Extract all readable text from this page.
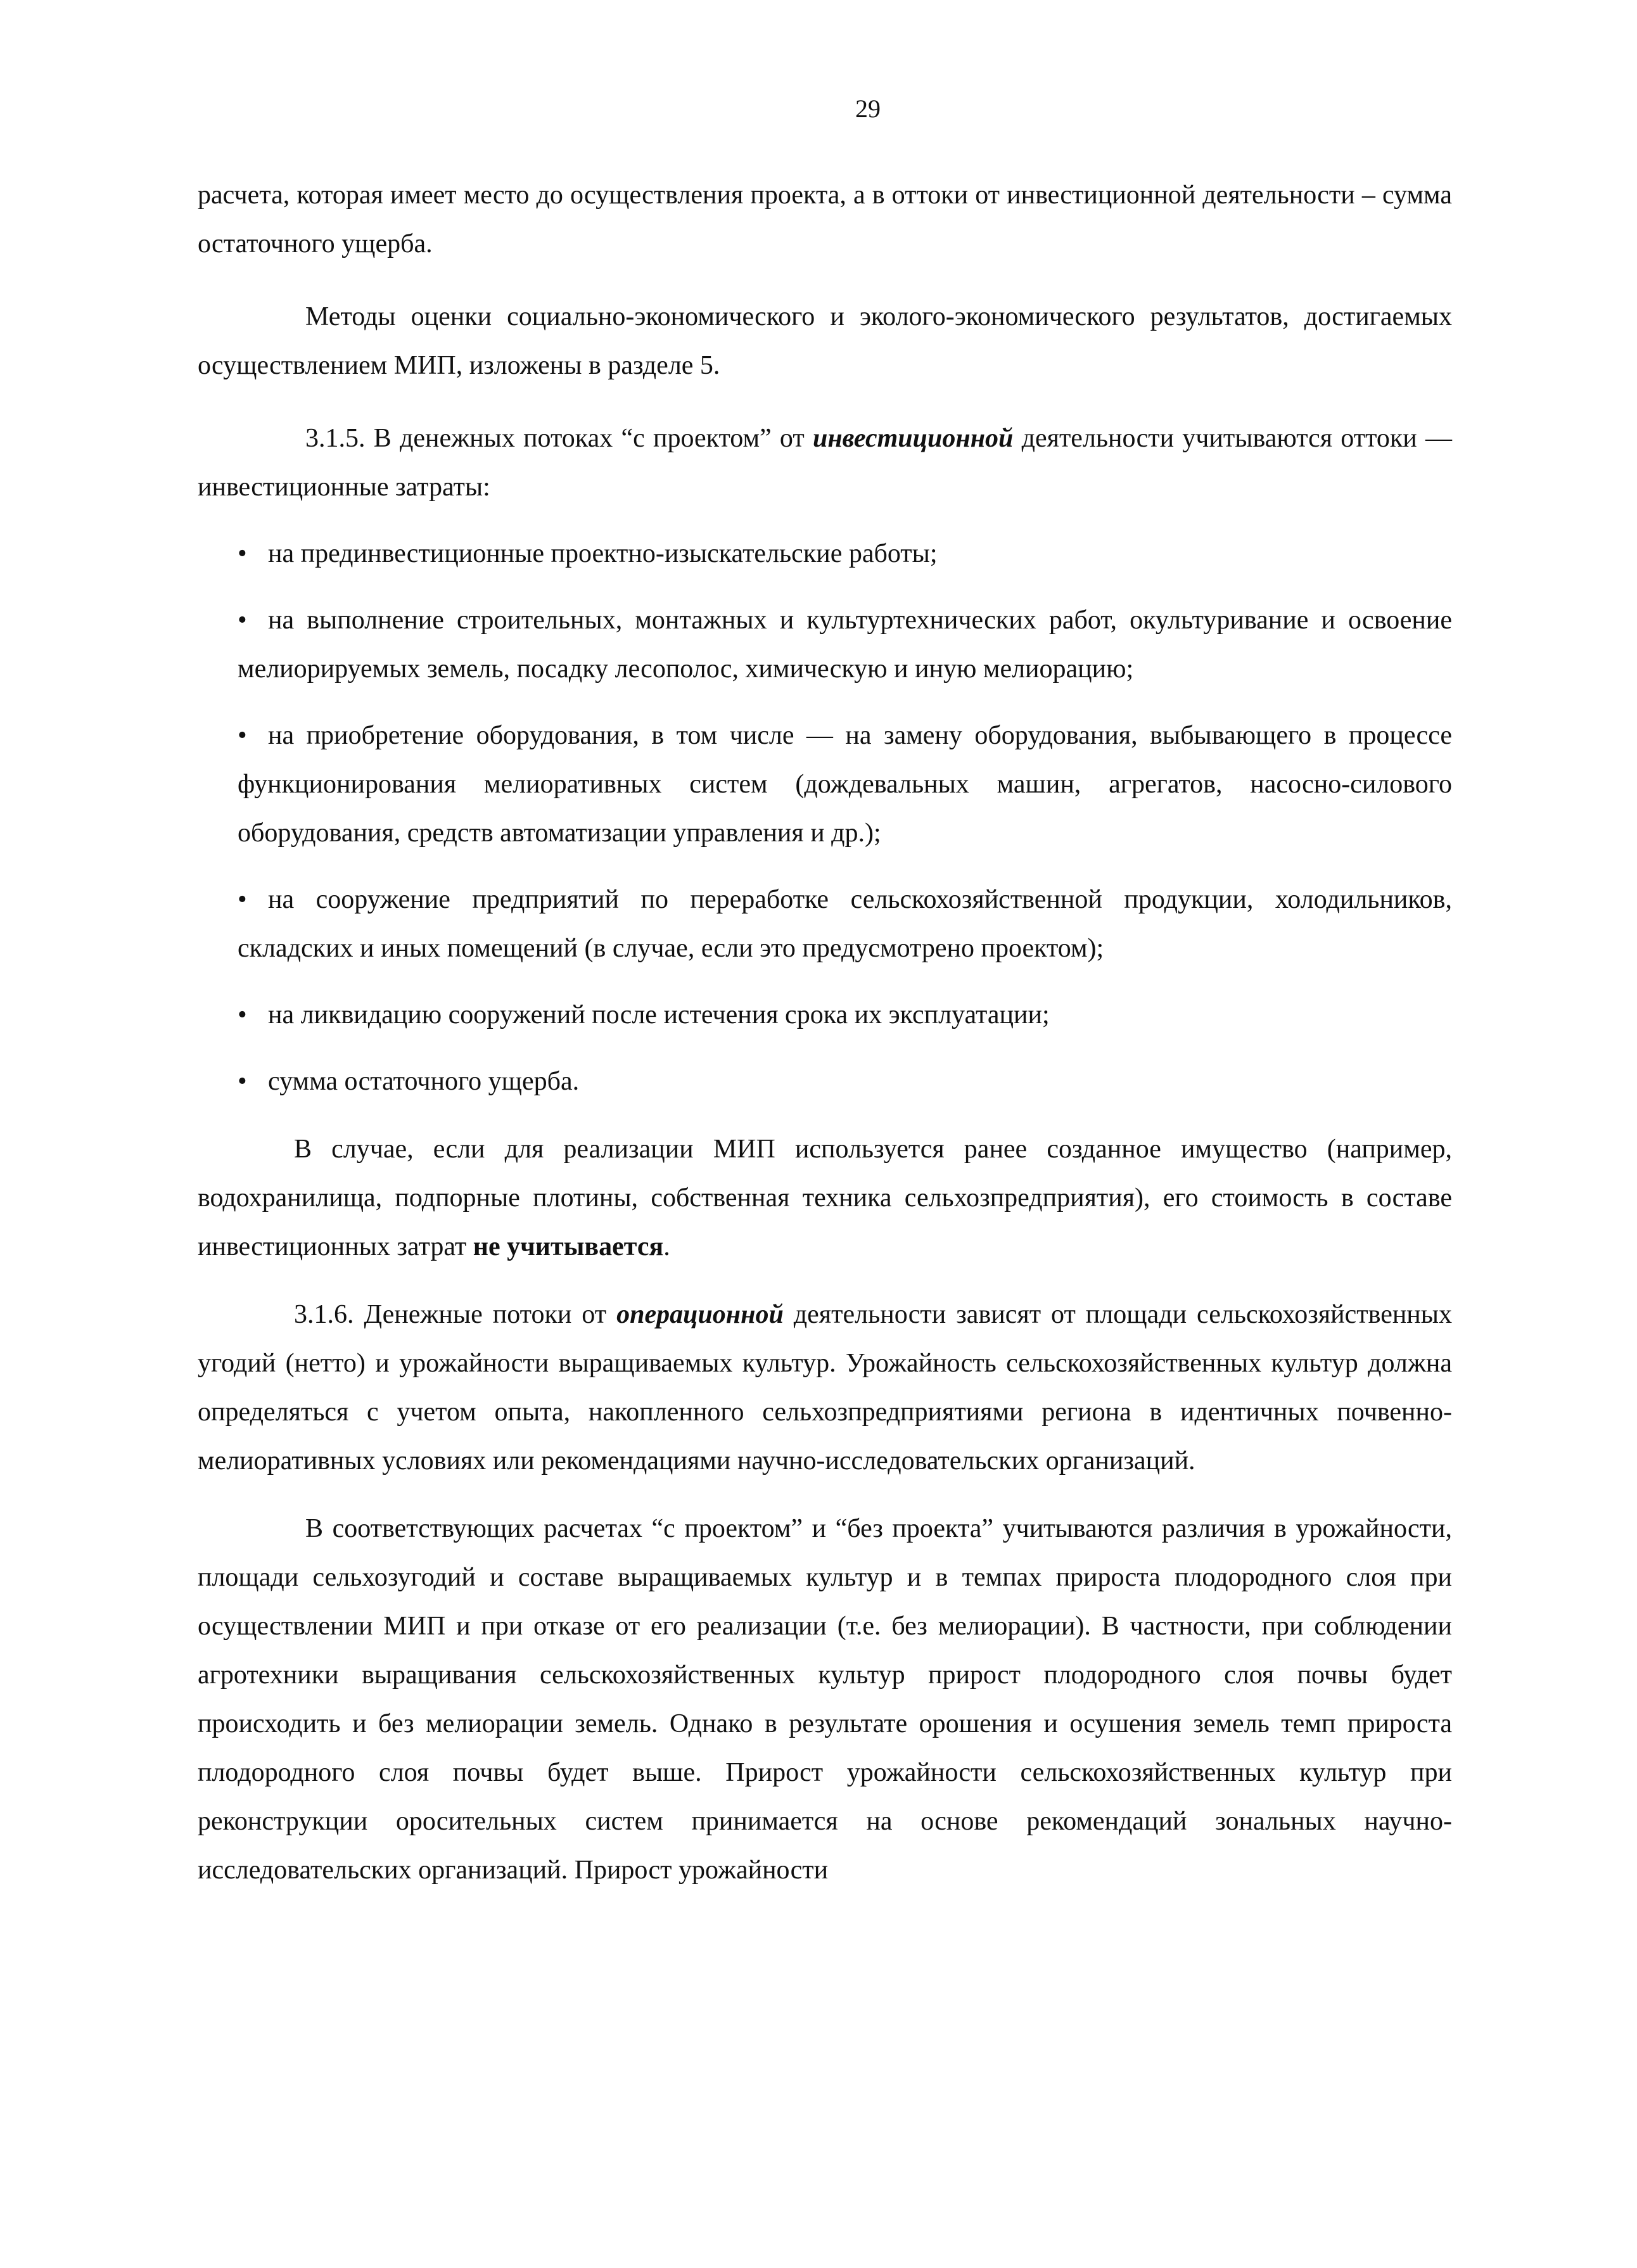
29

расчета, которая имеет место до осуществления проекта, а в оттоки от инвестиционной деятельности – сумма остаточного ущерба.

Методы оценки социально-экономического и эколого-экономического результатов, достигаемых осуществлением МИП, изложены в разделе 5.

3.1.5. В денежных потоках “с проектом” от инвестиционной деятельности учитываются оттоки — инвестиционные затраты:

• на прединвестиционные проектно-изыскательские работы;
• на выполнение строительных, монтажных и культуртехнических работ, окультуривание и освоение мелиорируемых земель, посадку лесополос, химическую и иную мелиорацию;
• на приобретение оборудования, в том числе — на замену оборудования, выбывающего в процессе функционирования мелиоративных систем (дождевальных машин, агрегатов, насосно-силового оборудования, средств автоматизации управления и др.);
• на сооружение предприятий по переработке сельскохозяйственной продукции, холодильников, складских и иных помещений (в случае, если это предусмотрено проектом);
• на ликвидацию сооружений после истечения срока их эксплуатации;
• сумма остаточного ущерба.

В случае, если для реализации МИП используется ранее созданное имущество (например, водохранилища, подпорные плотины, собственная техника сельхозпредприятия), его стоимость в составе инвестиционных затрат не учитывается.

3.1.6. Денежные потоки от операционной деятельности зависят от площади сельскохозяйственных угодий (нетто) и урожайности выращиваемых культур. Урожайность сельскохозяйственных культур должна определяться с учетом опыта, накопленного сельхозпредприятиями региона в идентичных почвенно-мелиоративных условиях или рекомендациями научно-исследовательских организаций.

В соответствующих расчетах “с проектом” и “без проекта” учитываются различия в урожайности, площади сельхозугодий и составе выращиваемых культур и в темпах прироста плодородного слоя при осуществлении МИП и при отказе от его реализации (т.е. без мелиорации). В частности, при соблюдении агротехники выращивания сельскохозяйственных культур прирост плодородного слоя почвы будет происходить и без мелиорации земель. Однако в результате орошения и осушения земель темп прироста плодородного слоя почвы будет выше. Прирост урожайности сельскохозяйственных культур при реконструкции оросительных систем принимается на основе рекомендаций зональных научно-исследовательских организаций. Прирост урожайности
